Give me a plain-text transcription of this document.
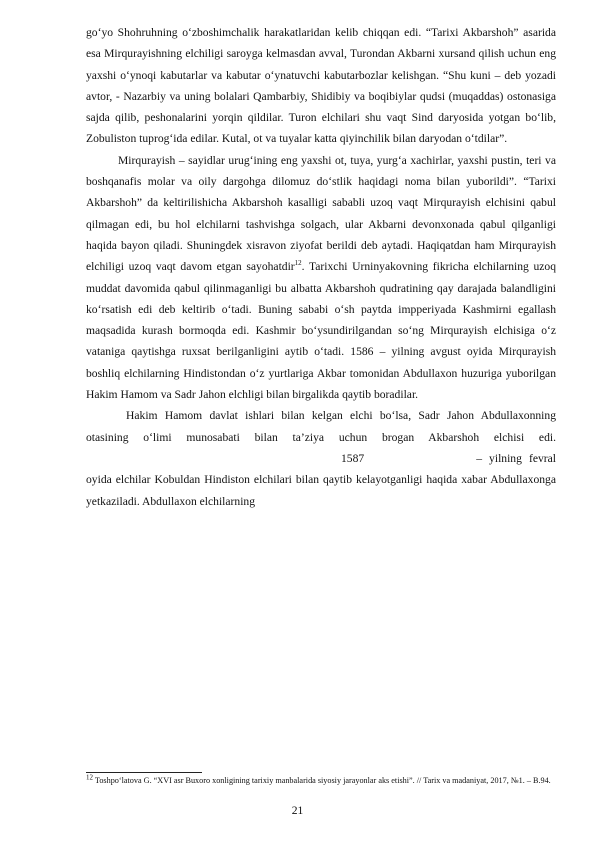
go‘yo Shohruhning o‘zboshimchalik harakatlaridan kelib chiqqan edi. “Tarixi Akbarshoh” asarida esa Mirqurayishning elchiligi saroyga kelmasdan avval, Turondan Akbarni xursand qilish uchun eng yaxshi o‘ynoqi kabutarlar va kabutar o‘ynatuvchi kabutarbozlar kelishgan. “Shu kuni – deb yozadi avtor, - Nazarbiy va uning bolalari Qambarbiy, Shidibiy va boqibiylar qudsi (muqaddas) ostonasiga sajda qilib, peshonalarini yorqin qildilar. Turon elchilari shu vaqt Sind daryosida yotgan bo‘lib, Zobuliston tuprog‘ida edilar. Kutal, ot va tuyalar katta qiyinchilik bilan daryodan o‘tdilar”.

Mirqurayish – sayidlar urug‘ining eng yaxshi ot, tuya, yurg‘a xachirlar, yaxshi pustin, teri va boshqanafis molar va oily dargohga dilomuz do‘stlik haqidagi noma bilan yuborildi”. “Tarixi Akbarshoh” da keltirilishicha Akbarshoh kasalligi sababli uzoq vaqt Mirqurayish elchisini qabul qilmagan edi, bu hol elchilarni tashvishga solgach, ular Akbarni devonxonada qabul qilganligi haqida bayon qiladi. Shuningdek xisravon ziyofat berildi deb aytadi. Haqiqatdan ham Mirqurayish elchiligi uzoq vaqt davom etgan sayohatdir$^{12}$. Tarixchi Urninyakovning fikricha elchilarning uzoq muddat davomida qabul qilinmaganligi bu albatta Akbarshoh qudratining qay darajada balandligini ko‘rsatish edi deb keltirib o‘tadi. Buning sababi o‘sh paytda impperiyada Kashmirni egallash maqsadida kurash bormoqda edi. Kashmir bo‘ysundirilgandan so‘ng Mirqurayish elchisiga o‘z vataniga qaytishga ruxsat berilganligini aytib o‘tadi. 1586 – yilning avgust oyida Mirqurayish boshliq elchilarning Hindistondan o‘z yurtlariga Akbar tomonidan Abdullaxon huzuriga yuborilgan Hakim Hamom va Sadr Jahon elchligi bilan birgalikda qaytib boradilar.

Hakim Hamom davlat ishlari bilan kelgan elchi bo‘lsa, Sadr Jahon Abdullaxonning otasining o‘limi munosabati bilan ta’ziya uchun brogan Akbarshoh elchisi edi. 1587	– yilning fevral oyida elchilar Kobuldan Hindiston elchilari bilan qaytib kelayotganligi haqida xabar Abdullaxonga yetkaziladi. Abdullaxon elchilarning

$^{12}$ Toshpo‘latova G. “XVI asr Buxoro xonligining tarixiy manbalarida siyosiy jarayonlar aks etishi”. // Tarix va madaniyat, 2017, №1. – B.94.

21
